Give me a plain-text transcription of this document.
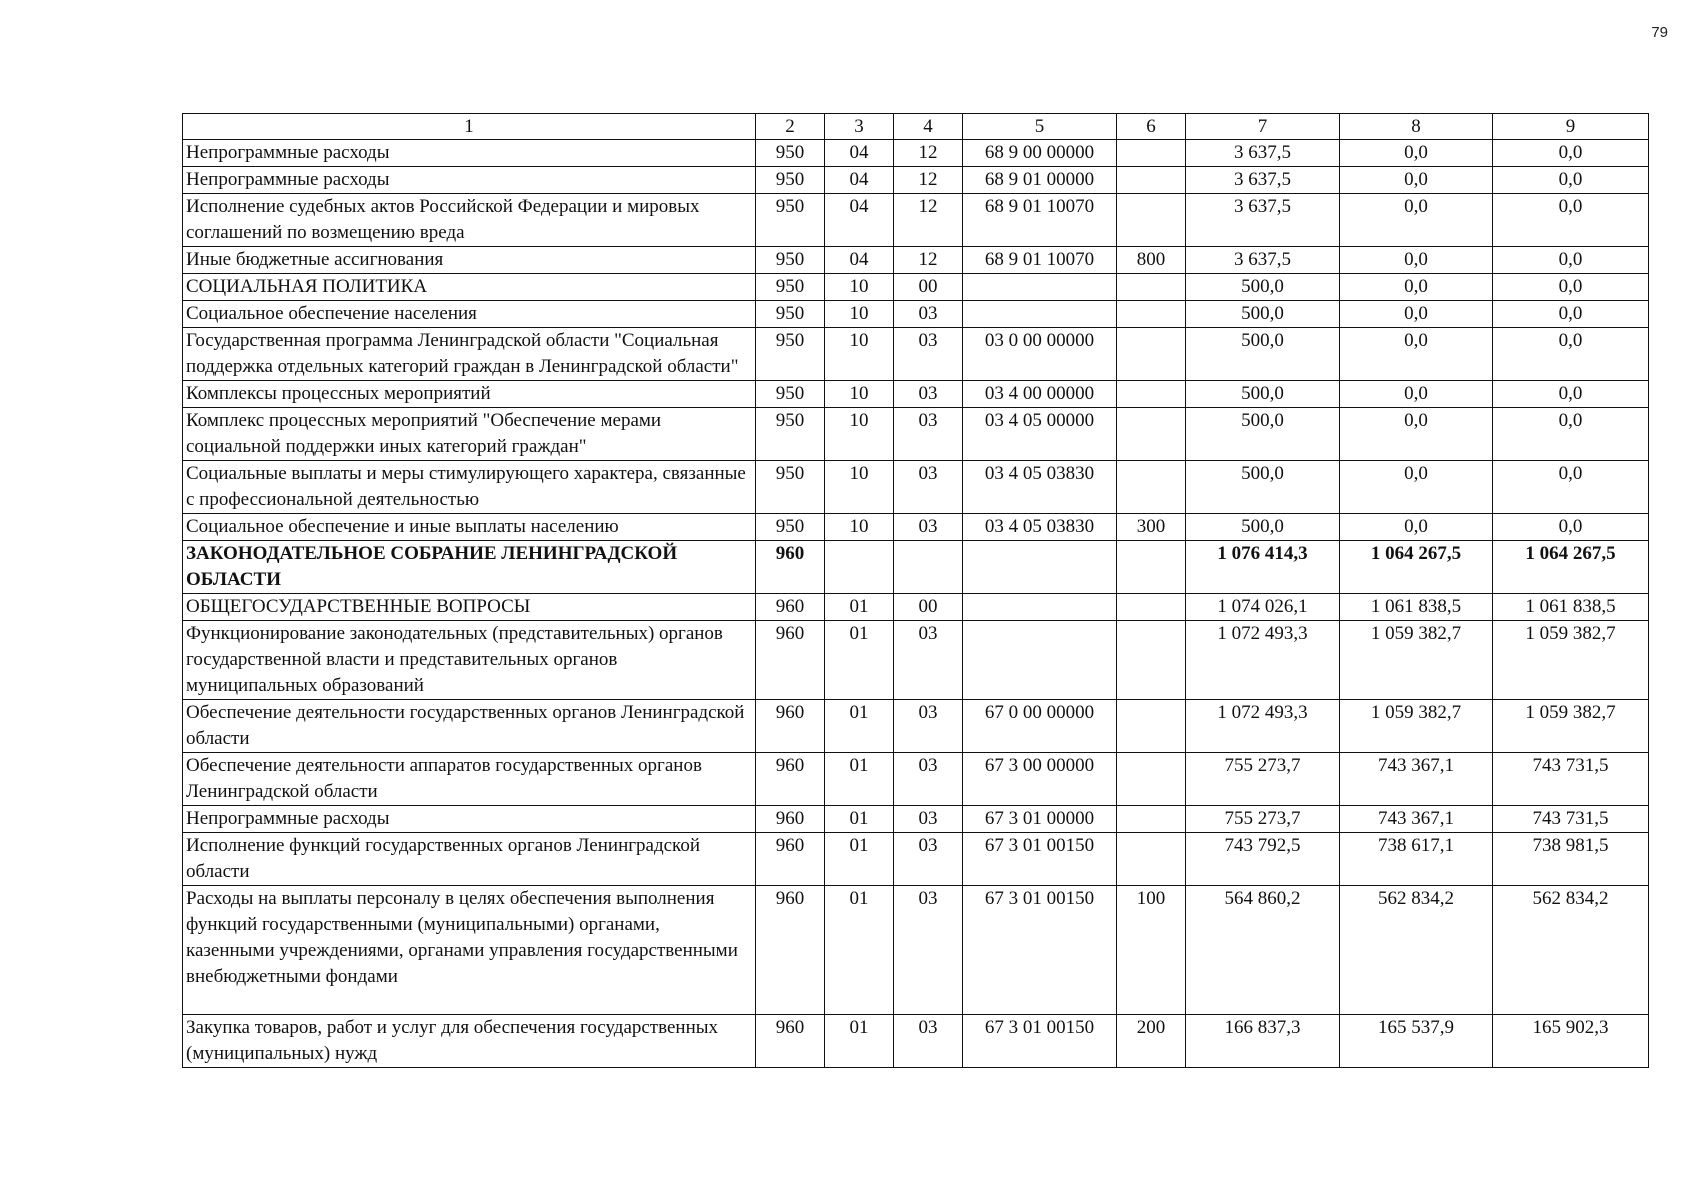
79
1	2	3	4	5	6	7	8	9
Непрограммные расходы	950	04	12	68 9 00 00000		3 637,5	0,0	0,0
Непрограммные расходы	950	04	12	68 9 01 00000		3 637,5	0,0	0,0
Исполнение судебных актов Российской Федерации и мировых соглашений по возмещению вреда	950	04	12	68 9 01 10070		3 637,5	0,0	0,0
Иные бюджетные ассигнования	950	04	12	68 9 01 10070	800	3 637,5	0,0	0,0
СОЦИАЛЬНАЯ ПОЛИТИКА	950	10	00			500,0	0,0	0,0
Социальное обеспечение населения	950	10	03			500,0	0,0	0,0
Государственная программа Ленинградской области "Социальная поддержка отдельных категорий граждан в Ленинградской области"	950	10	03	03 0 00 00000		500,0	0,0	0,0
Комплексы процессных мероприятий	950	10	03	03 4 00 00000		500,0	0,0	0,0
Комплекс процессных мероприятий "Обеспечение мерами социальной поддержки иных категорий граждан"	950	10	03	03 4 05 00000		500,0	0,0	0,0
Социальные выплаты и меры стимулирующего характера, связанные с профессиональной деятельностью	950	10	03	03 4 05 03830		500,0	0,0	0,0
Социальное обеспечение и иные выплаты населению	950	10	03	03 4 05 03830	300	500,0	0,0	0,0
ЗАКОНОДАТЕЛЬНОЕ СОБРАНИЕ ЛЕНИНГРАДСКОЙ ОБЛАСТИ	960					1 076 414,3	1 064 267,5	1 064 267,5
ОБЩЕГОСУДАРСТВЕННЫЕ ВОПРОСЫ	960	01	00			1 074 026,1	1 061 838,5	1 061 838,5
Функционирование законодательных (представительных) органов государственной власти и представительных органов муниципальных образований	960	01	03			1 072 493,3	1 059 382,7	1 059 382,7
Обеспечение деятельности государственных органов Ленинградской области	960	01	03	67 0 00 00000		1 072 493,3	1 059 382,7	1 059 382,7
Обеспечение деятельности аппаратов государственных органов Ленинградской области	960	01	03	67 3 00 00000		755 273,7	743 367,1	743 731,5
Непрограммные расходы	960	01	03	67 3 01 00000		755 273,7	743 367,1	743 731,5
Исполнение функций государственных органов Ленинградской области	960	01	03	67 3 01 00150		743 792,5	738 617,1	738 981,5
Расходы на выплаты персоналу в целях обеспечения выполнения функций государственными (муниципальными) органами, казенными учреждениями, органами управления государственными внебюджетными фондами	960	01	03	67 3 01 00150	100	564 860,2	562 834,2	562 834,2
Закупка товаров, работ и услуг для обеспечения государственных (муниципальных) нужд	960	01	03	67 3 01 00150	200	166 837,3	165 537,9	165 902,3
